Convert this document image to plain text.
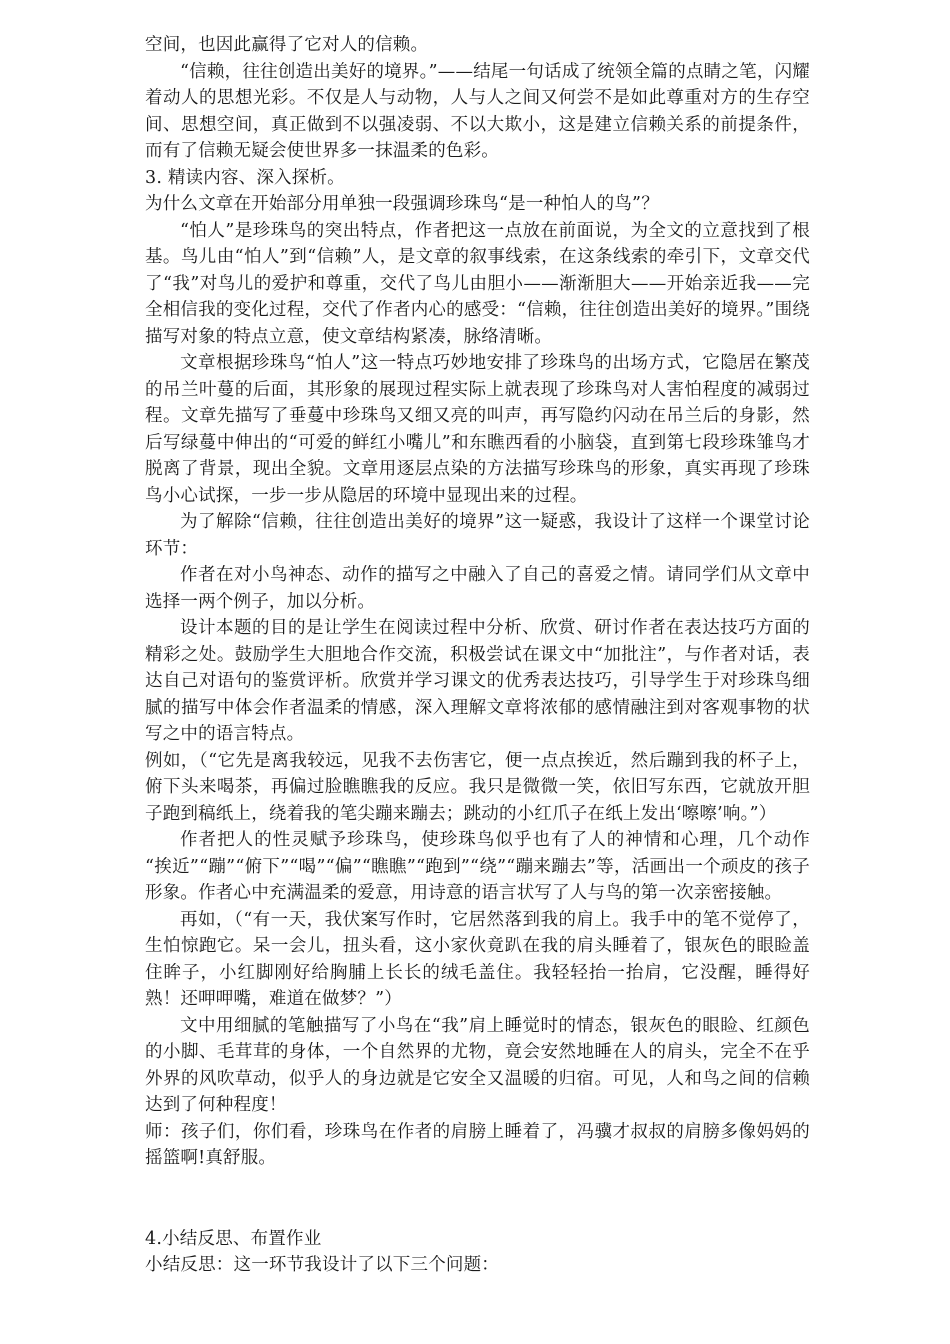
空间，也因此赢得了它对人的信赖。

“信赖，往往创造出美好的境界。”——结尾一句话成了统领全篇的点睛之笔，闪耀着动人的思想光彩。不仅是人与动物，人与人之间又何尝不是如此尊重对方的生存空间、思想空间，真正做到不以强凌弱、不以大欺小，这是建立信赖关系的前提条件，而有了信赖无疑会使世界多一抹温柔的色彩。

3. 精读内容、深入探析。

为什么文章在开始部分用单独一段强调珍珠鸟“是一种怕人的鸟”？

“怕人”是珍珠鸟的突出特点，作者把这一点放在前面说，为全文的立意找到了根基。鸟儿由“怕人”到“信赖”人，是文章的叙事线索，在这条线索的牵引下，文章交代了“我”对鸟儿的爱护和尊重，交代了鸟儿由胆小——渐渐胆大——开始亲近我——完全相信我的变化过程，交代了作者内心的感受：“信赖，往往创造出美好的境界。”围绕描写对象的特点立意，使文章结构紧凑，脉络清晰。

文章根据珍珠鸟“怕人”这一特点巧妙地安排了珍珠鸟的出场方式，它隐居在繁茂的吊兰叶蔓的后面，其形象的展现过程实际上就表现了珍珠鸟对人害怕程度的减弱过程。文章先描写了垂蔓中珍珠鸟又细又亮的叫声，再写隐约闪动在吊兰后的身影，然后写绿蔓中伸出的“可爱的鲜红小嘴儿”和东瞧西看的小脑袋，直到第七段珍珠雏鸟才脱离了背景，现出全貌。文章用逐层点染的方法描写珍珠鸟的形象，真实再现了珍珠鸟小心试探，一步一步从隐居的环境中显现出来的过程。

为了解除“信赖，往往创造出美好的境界”这一疑惑，我设计了这样一个课堂讨论环节：

作者在对小鸟神态、动作的描写之中融入了自己的喜爱之情。请同学们从文章中选择一两个例子，加以分析。

设计本题的目的是让学生在阅读过程中分析、欣赏、研讨作者在表达技巧方面的精彩之处。鼓励学生大胆地合作交流，积极尝试在课文中“加批注”，与作者对话，表达自己对语句的鉴赏评析。欣赏并学习课文的优秀表达技巧，引导学生于对珍珠鸟细腻的描写中体会作者温柔的情感，深入理解文章将浓郁的感情融注到对客观事物的状写之中的语言特点。

例如，（“它先是离我较远，见我不去伤害它，便一点点挨近，然后蹦到我的杯子上，俯下头来喝茶，再偏过脸瞧瞧我的反应。我只是微微一笑，依旧写东西，它就放开胆子跑到稿纸上，绕着我的笔尖蹦来蹦去；跳动的小红爪子在纸上发出‘嚓嚓’响。”）

作者把人的性灵赋予珍珠鸟，使珍珠鸟似乎也有了人的神情和心理，几个动作 “挨近”“蹦”“俯下”“喝”“偏”“瞧瞧”“跑到”“绕”“蹦来蹦去”等，活画出一个顽皮的孩子形象。作者心中充满温柔的爱意，用诗意的语言状写了人与鸟的第一次亲密接触。

再如，（“有一天，我伏案写作时，它居然落到我的肩上。我手中的笔不觉停了，生怕惊跑它。呆一会儿，扭头看，这小家伙竟趴在我的肩头睡着了，银灰色的眼睑盖住眸子，小红脚刚好给胸脯上长长的绒毛盖住。我轻轻抬一抬肩，它没醒，睡得好熟！还呷呷嘴，难道在做梦？”）

文中用细腻的笔触描写了小鸟在“我”肩上睡觉时的情态，银灰色的眼睑、红颜色的小脚、毛茸茸的身体，一个自然界的尤物，竟会安然地睡在人的肩头，完全不在乎外界的风吹草动，似乎人的身边就是它安全又温暖的归宿。可见，人和鸟之间的信赖达到了何种程度！

师：孩子们，你们看，珍珠鸟在作者的肩膀上睡着了，冯骥才叔叔的肩膀多像妈妈的摇篮啊!真舒服。

4.小结反思、布置作业

小结反思：这一环节我设计了以下三个问题：
